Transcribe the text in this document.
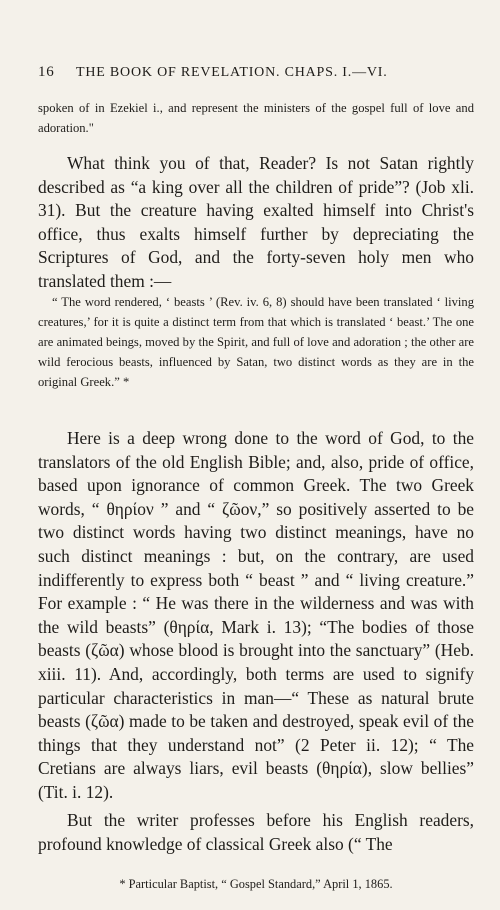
16	THE BOOK OF REVELATION. CHAPS. I.—VI.
spoken of in Ezekiel i., and represent the ministers of the gospel full of love and adoration."

What think you of that, Reader? Is not Satan rightly described as “a king over all the children of pride”? (Job xli. 31). But the creature having exalted himself into Christ's office, thus exalts himself further by depreciating the Scriptures of God, and the forty-seven holy men who translated them :—

“ The word rendered, ‘ beasts ’ (Rev. iv. 6, 8) should have been translated ‘ living creatures,’ for it is quite a distinct term from that which is translated ‘ beast.’ The one are animated beings, moved by the Spirit, and full of love and adoration ; the other are wild ferocious beasts, influenced by Satan, two distinct words as they are in the original Greek.” *

Here is a deep wrong done to the word of God, to the translators of the old English Bible; and, also, pride of office, based upon ignorance of common Greek. The two Greek words, “ θηρίον ” and “ ζῶον,” so positively asserted to be two distinct words having two distinct meanings, have no such distinct meanings : but, on the contrary, are used indifferently to express both “ beast ” and “ living creature.” For example : “ He was there in the wilderness and was with the wild beasts” (θηρία, Mark i. 13); “The bodies of those beasts (ζῶα) whose blood is brought into the sanctuary” (Heb. xiii. 11). And, accordingly, both terms are used to signify particular characteristics in man—“ These as natural brute beasts (ζῶα) made to be taken and destroyed, speak evil of the things that they understand not” (2 Peter ii. 12); “ The Cretians are always liars, evil beasts (θηρία), slow bellies” (Tit. i. 12).

But the writer professes before his English readers, profound knowledge of classical Greek also (“ The

* Particular Baptist, “ Gospel Standard,” April 1, 1865.
